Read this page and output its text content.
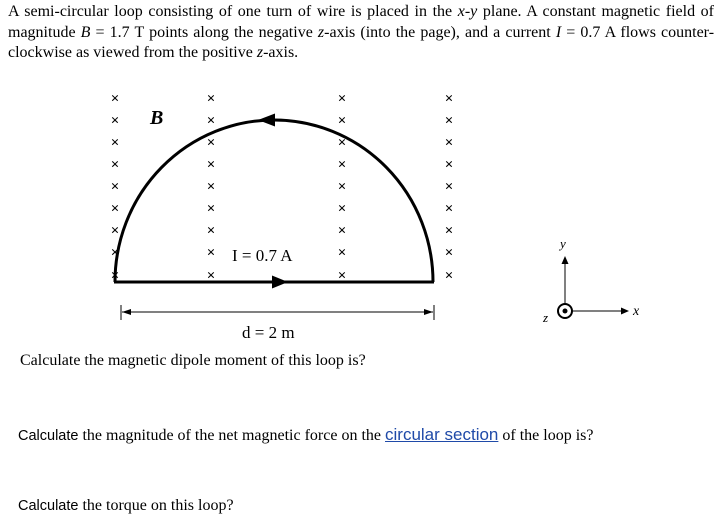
A semi-circular loop consisting of one turn of wire is placed in the x-y plane. A constant magnetic field of magnitude B = 1.7 T points along the negative z-axis (into the page), and a current I = 0.7 A flows counter-clockwise as viewed from the positive z-axis.

×
×
×
×
×
×
×
×
×
×
×
×
×
×
×
×
×
×
×
×
×
×
×
×
×
×
×
×
×
×
×
×
×
×
×
×
B
I = 0.7 A
d = 2 m
y
x
z

Calculate the magnetic dipole moment of this loop is?

Calculate the magnitude of the net magnetic force on the circular section of the loop is?

Calculate the torque on this loop?
